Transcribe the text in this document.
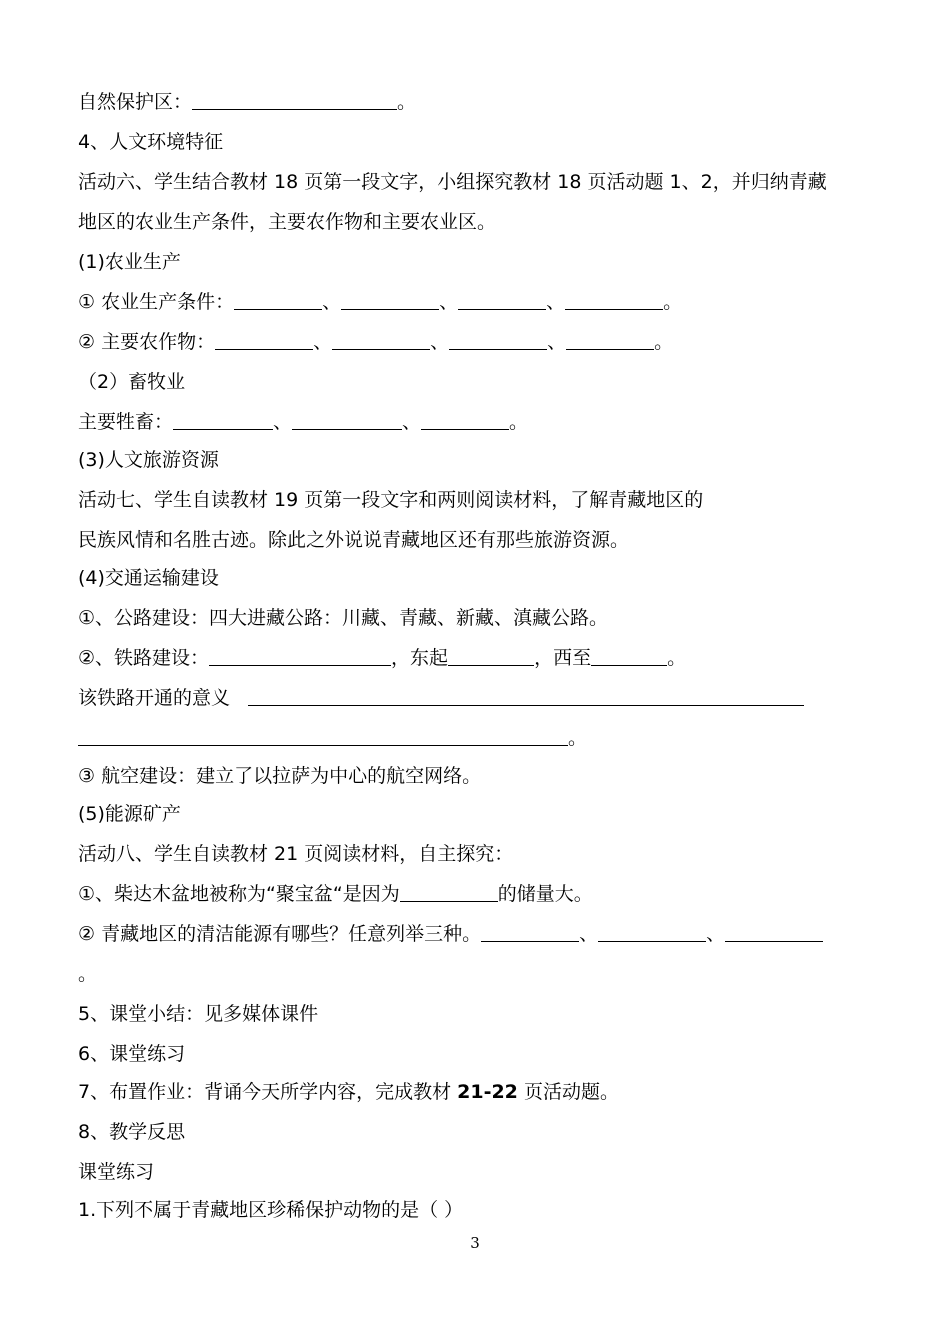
自然保护区：	。
4、人文环境特征
活动六、学生结合教材 18 页第一段文字，小组探究教材 18 页活动题 1、2，并归纳青藏
地区的农业生产条件，主要农作物和主要农业区。
(1)农业生产
① 农业生产条件：	、	、	、	。
② 主要农作物：	、	、	、	。
（2）畜牧业
主要牲畜：	、	、	。
(3)人文旅游资源
活动七、学生自读教材 19 页第一段文字和两则阅读材料，了解青藏地区的
民族风情和名胜古迹。除此之外说说青藏地区还有那些旅游资源。
(4)交通运输建设
①、公路建设：四大进藏公路：川藏、青藏、新藏、滇藏公路。
②、铁路建设：	，东起	，西至	。
该铁路开通的意义
。
③ 航空建设：建立了以拉萨为中心的航空网络。
(5)能源矿产
活动八、学生自读教材 21 页阅读材料，自主探究：
①、柴达木盆地被称为“聚宝盆“是因为	的储量大。
② 青藏地区的清洁能源有哪些？任意列举三种。	、	、
。
5、课堂小结：见多媒体课件
6、课堂练习
7、布置作业：背诵今天所学内容，完成教材 21-22 页活动题。
8、教学反思
课堂练习
1.下列不属于青藏地区珍稀保护动物的是（ ）
3
